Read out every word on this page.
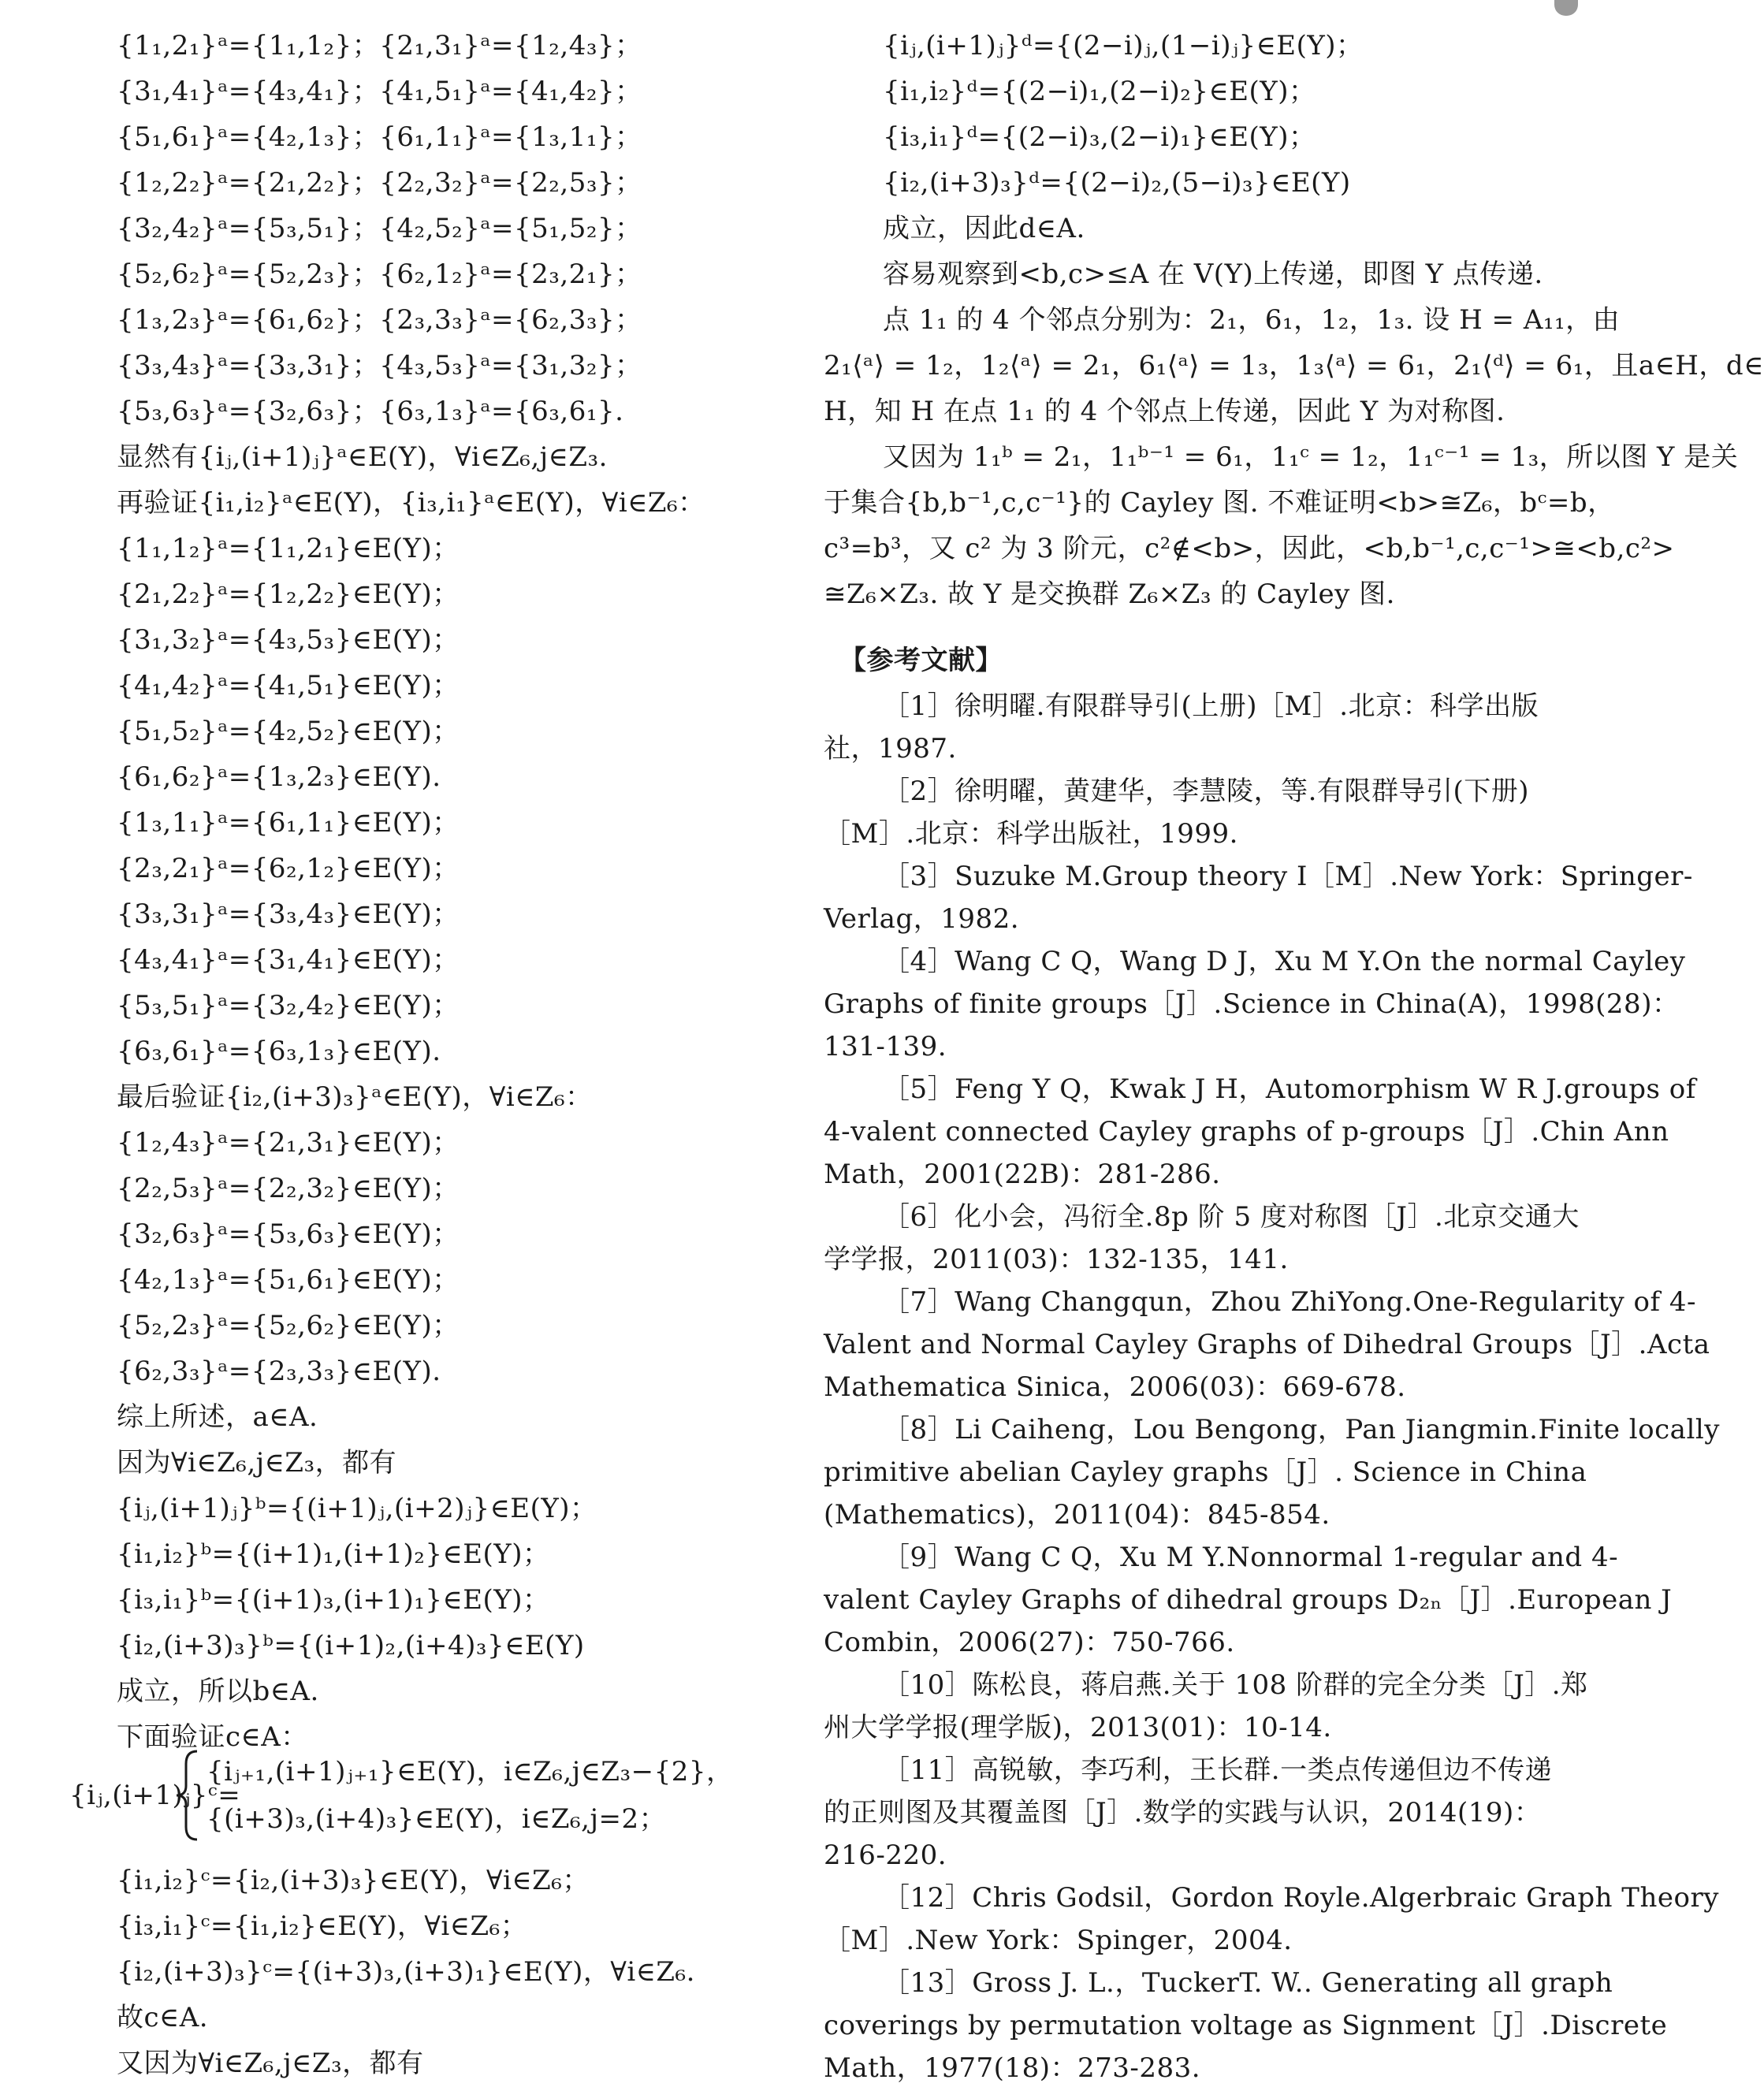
{1₁,2₁}ᵃ={1₁,1₂}；{2₁,3₁}ᵃ={1₂,4₃}；
{3₁,4₁}ᵃ={4₃,4₁}；{4₁,5₁}ᵃ={4₁,4₂}；
{5₁,6₁}ᵃ={4₂,1₃}；{6₁,1₁}ᵃ={1₃,1₁}；
{1₂,2₂}ᵃ={2₁,2₂}；{2₂,3₂}ᵃ={2₂,5₃}；
{3₂,4₂}ᵃ={5₃,5₁}；{4₂,5₂}ᵃ={5₁,5₂}；
{5₂,6₂}ᵃ={5₂,2₃}；{6₂,1₂}ᵃ={2₃,2₁}；
{1₃,2₃}ᵃ={6₁,6₂}；{2₃,3₃}ᵃ={6₂,3₃}；
{3₃,4₃}ᵃ={3₃,3₁}；{4₃,5₃}ᵃ={3₁,3₂}；
{5₃,6₃}ᵃ={3₂,6₃}；{6₃,1₃}ᵃ={6₃,6₁}.
显然有{iⱼ,(i+1)ⱼ}ᵃ∈E(Y)，∀i∈Z₆,j∈Z₃.
再验证{i₁,i₂}ᵃ∈E(Y)，{i₃,i₁}ᵃ∈E(Y)，∀i∈Z₆：
{1₁,1₂}ᵃ={1₁,2₁}∈E(Y)；
{2₁,2₂}ᵃ={1₂,2₂}∈E(Y)；
{3₁,3₂}ᵃ={4₃,5₃}∈E(Y)；
{4₁,4₂}ᵃ={4₁,5₁}∈E(Y)；
{5₁,5₂}ᵃ={4₂,5₂}∈E(Y)；
{6₁,6₂}ᵃ={1₃,2₃}∈E(Y).
{1₃,1₁}ᵃ={6₁,1₁}∈E(Y)；
{2₃,2₁}ᵃ={6₂,1₂}∈E(Y)；
{3₃,3₁}ᵃ={3₃,4₃}∈E(Y)；
{4₃,4₁}ᵃ={3₁,4₁}∈E(Y)；
{5₃,5₁}ᵃ={3₂,4₂}∈E(Y)；
{6₃,6₁}ᵃ={6₃,1₃}∈E(Y).
最后验证{i₂,(i+3)₃}ᵃ∈E(Y)，∀i∈Z₆：
{1₂,4₃}ᵃ={2₁,3₁}∈E(Y)；
{2₂,5₃}ᵃ={2₂,3₂}∈E(Y)；
{3₂,6₃}ᵃ={5₃,6₃}∈E(Y)；
{4₂,1₃}ᵃ={5₁,6₁}∈E(Y)；
{5₂,2₃}ᵃ={5₂,6₂}∈E(Y)；
{6₂,3₃}ᵃ={2₃,3₃}∈E(Y).
综上所述，a∈A.
因为∀i∈Z₆,j∈Z₃，都有
{iⱼ,(i+1)ⱼ}ᵇ={(i+1)ⱼ,(i+2)ⱼ}∈E(Y)；
{i₁,i₂}ᵇ={(i+1)₁,(i+1)₂}∈E(Y)；
{i₃,i₁}ᵇ={(i+1)₃,(i+1)₁}∈E(Y)；
{i₂,(i+3)₃}ᵇ={(i+1)₂,(i+4)₃}∈E(Y)
成立，所以b∈A.
下面验证c∈A：
{iⱼ,(i+1)ⱼ}ᶜ=
{iⱼ₊₁,(i+1)ⱼ₊₁}∈E(Y)，i∈Z₆,j∈Z₃−{2}，
{(i+3)₃,(i+4)₃}∈E(Y)，i∈Z₆,j=2；
{i₁,i₂}ᶜ={i₂,(i+3)₃}∈E(Y)，∀i∈Z₆；
{i₃,i₁}ᶜ={i₁,i₂}∈E(Y)，∀i∈Z₆；
{i₂,(i+3)₃}ᶜ={(i+3)₃,(i+3)₁}∈E(Y)，∀i∈Z₆.
故c∈A.
又因为∀i∈Z₆,j∈Z₃，都有
{iⱼ,(i+1)ⱼ}ᵈ={(2−i)ⱼ,(1−i)ⱼ}∈E(Y)；
{i₁,i₂}ᵈ={(2−i)₁,(2−i)₂}∈E(Y)；
{i₃,i₁}ᵈ={(2−i)₃,(2−i)₁}∈E(Y)；
{i₂,(i+3)₃}ᵈ={(2−i)₂,(5−i)₃}∈E(Y)
成立，因此d∈A.
容易观察到<b,c>≤A 在 V(Y)上传递，即图 Y 点传递.
点 1₁ 的 4 个邻点分别为：2₁，6₁，1₂，1₃. 设 H = A₁₁，由
2₁⟨ᵃ⟩ = 1₂，1₂⟨ᵃ⟩ = 2₁，6₁⟨ᵃ⟩ = 1₃，1₃⟨ᵃ⟩ = 6₁，2₁⟨ᵈ⟩ = 6₁，且a∈H，d∈
H，知 H 在点 1₁ 的 4 个邻点上传递，因此 Y 为对称图.
又因为 1₁ᵇ = 2₁，1₁ᵇ⁻¹ = 6₁，1₁ᶜ = 1₂，1₁ᶜ⁻¹ = 1₃，所以图 Y 是关
于集合{b,b⁻¹,c,c⁻¹}的 Cayley 图. 不难证明<b>≅Z₆，bᶜ=b，
c³=b³，又 c² 为 3 阶元，c²∉<b>，因此，<b,b⁻¹,c,c⁻¹>≅<b,c²>
≅Z₆×Z₃. 故 Y 是交换群 Z₆×Z₃ 的 Cayley 图.
【参考文献】
［1］徐明曜.有限群导引(上册)［M］.北京：科学出版
社，1987.
［2］徐明曜，黄建华，李慧陵，等.有限群导引(下册)
［M］.北京：科学出版社，1999.
［3］Suzuke M.Group theory I［M］.New York：Springer-
Verlag，1982.
［4］Wang C Q，Wang D J，Xu M Y.On the normal Cayley
Graphs of finite groups［J］.Science in China(A)，1998(28)：
131-139.
［5］Feng Y Q，Kwak J H，Automorphism W R J.groups of
4-valent connected Cayley graphs of p-groups［J］.Chin Ann
Math，2001(22B)：281-286.
［6］化小会，冯衍全.8p 阶 5 度对称图［J］.北京交通大
学学报，2011(03)：132-135，141.
［7］Wang Changqun，Zhou ZhiYong.One-Regularity of 4-
Valent and Normal Cayley Graphs of Dihedral Groups［J］.Acta
Mathematica Sinica，2006(03)：669-678.
［8］Li Caiheng，Lou Bengong，Pan Jiangmin.Finite locally
primitive abelian Cayley graphs［J］. Science in China
(Mathematics)，2011(04)：845-854.
［9］Wang C Q，Xu M Y.Nonnormal 1-regular and 4-
valent Cayley Graphs of dihedral groups D₂ₙ［J］.European J
Combin，2006(27)：750-766.
［10］陈松良，蒋启燕.关于 108 阶群的完全分类［J］.郑
州大学学报(理学版)，2013(01)：10-14.
［11］高锐敏，李巧利，王长群.一类点传递但边不传递
的正则图及其覆盖图［J］.数学的实践与认识，2014(19)：
216-220.
［12］Chris Godsil，Gordon Royle.Algerbraic Graph Theory
［M］.New York：Spinger，2004.
［13］Gross J. L.，TuckerT. W.. Generating all graph
coverings by permutation voltage as Signment［J］.Discrete
Math，1977(18)：273-283.
